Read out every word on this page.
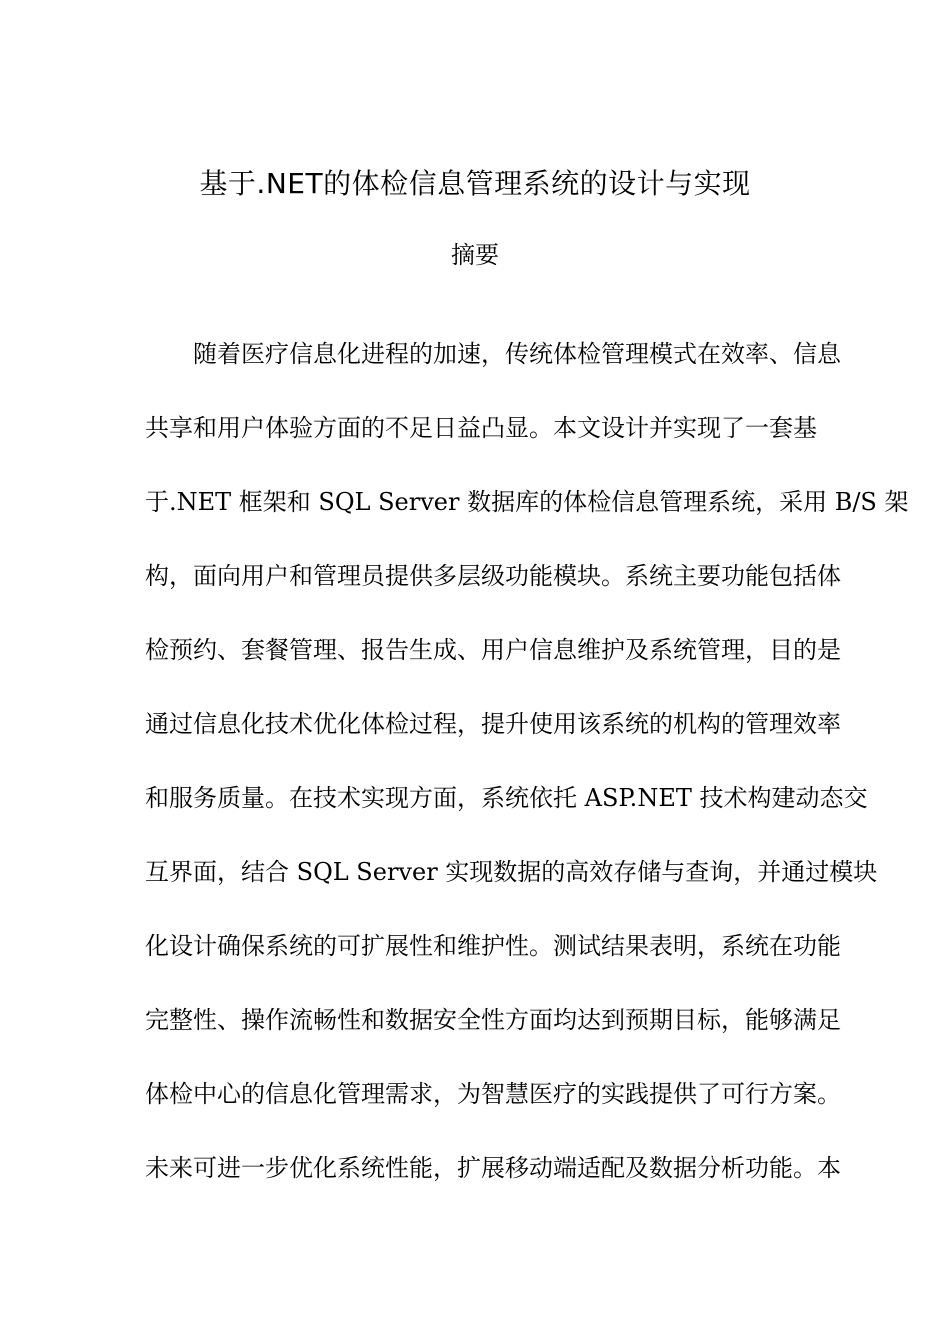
基于.NET的体检信息管理系统的设计与实现
摘要
随着医疗信息化进程的加速，传统体检管理模式在效率、信息
共享和用户体验方面的不足日益凸显。本文设计并实现了一套基
于.NET 框架和 SQL Server 数据库的体检信息管理系统，采用 B/S 架
构，面向用户和管理员提供多层级功能模块。系统主要功能包括体
检预约、套餐管理、报告生成、用户信息维护及系统管理，目的是
通过信息化技术优化体检过程，提升使用该系统的机构的管理效率
和服务质量。在技术实现方面，系统依托 ASP.NET 技术构建动态交
互界面，结合 SQL Server 实现数据的高效存储与查询，并通过模块
化设计确保系统的可扩展性和维护性。测试结果表明，系统在功能
完整性、操作流畅性和数据安全性方面均达到预期目标，能够满足
体检中心的信息化管理需求，为智慧医疗的实践提供了可行方案。
未来可进一步优化系统性能，扩展移动端适配及数据分析功能。本
